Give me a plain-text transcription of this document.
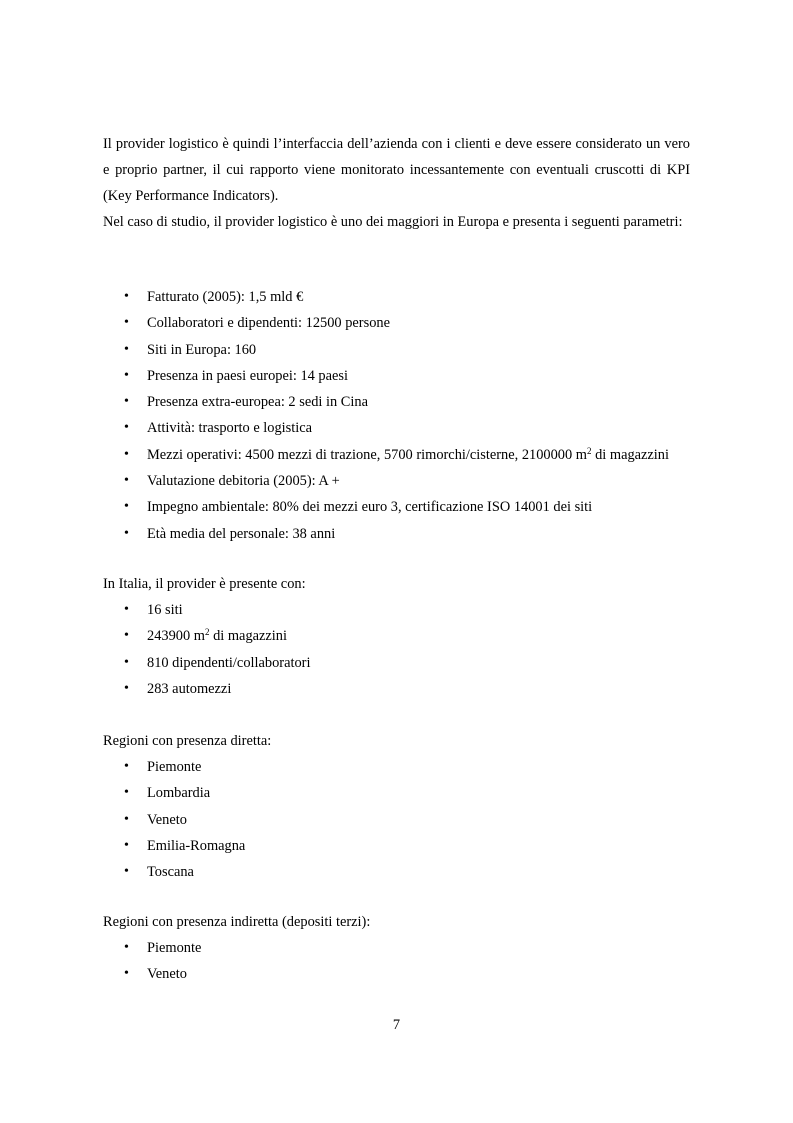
Il provider logistico è quindi l’interfaccia dell’azienda con i clienti e deve essere considerato un vero e proprio partner, il cui rapporto viene monitorato incessantemente con eventuali cruscotti di KPI (Key Performance Indicators).

Nel caso di studio, il provider logistico è uno dei maggiori in Europa e presenta i seguenti parametri:

• Fatturato (2005): 1,5 mld €
• Collaboratori e dipendenti: 12500 persone
• Siti in Europa: 160
• Presenza in paesi europei: 14 paesi
• Presenza extra-europea: 2 sedi in Cina
• Attività: trasporto e logistica
• Mezzi operativi: 4500 mezzi di trazione, 5700 rimorchi/cisterne, 2100000 $m^2$ di magazzini
• Valutazione debitoria (2005): A +
• Impegno ambientale: 80% dei mezzi euro 3, certificazione ISO 14001 dei siti
• Età media del personale: 38 anni

In Italia, il provider è presente con:

• 16 siti
• 243900 $m^2$ di magazzini
• 810 dipendenti/collaboratori
• 283 automezzi

Regioni con presenza diretta:

• Piemonte
• Lombardia
• Veneto
• Emilia-Romagna
• Toscana

Regioni con presenza indiretta (depositi terzi):

• Piemonte
• Veneto
7
